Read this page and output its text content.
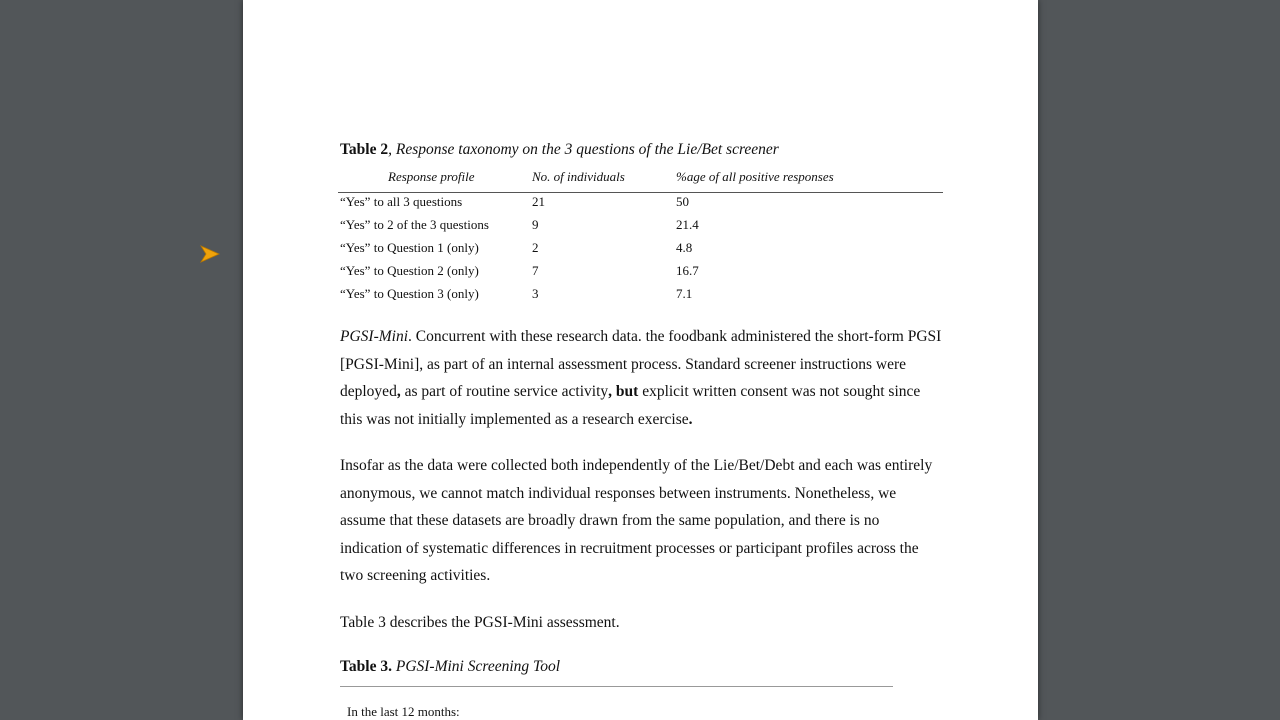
Table 2, Response taxonomy on the 3 questions of the Lie/Bet screener
Response profile	No. of individuals	%age of all positive responses
“Yes” to all 3 questions	21	50
“Yes” to 2 of the 3 questions	9	21.4
“Yes” to Question 1 (only)	2	4.8
“Yes” to Question 2 (only)	7	16.7
“Yes” to Question 3 (only)	3	7.1
PGSI-Mini. Concurrent with these research data. the foodbank administered the short-form PGSI [PGSI-Mini], as part of an internal assessment process. Standard screener instructions were deployed, as part of routine service activity, but explicit written consent was not sought since this was not initially implemented as a research exercise.
Insofar as the data were collected both independently of the Lie/Bet/Debt and each was entirely anonymous, we cannot match individual responses between instruments. Nonetheless, we assume that these datasets are broadly drawn from the same population, and there is no indication of systematic differences in recruitment processes or participant profiles across the two screening activities.
Table 3 describes the PGSI-Mini assessment.
Table 3. PGSI-Mini Screening Tool
In the last 12 months:
